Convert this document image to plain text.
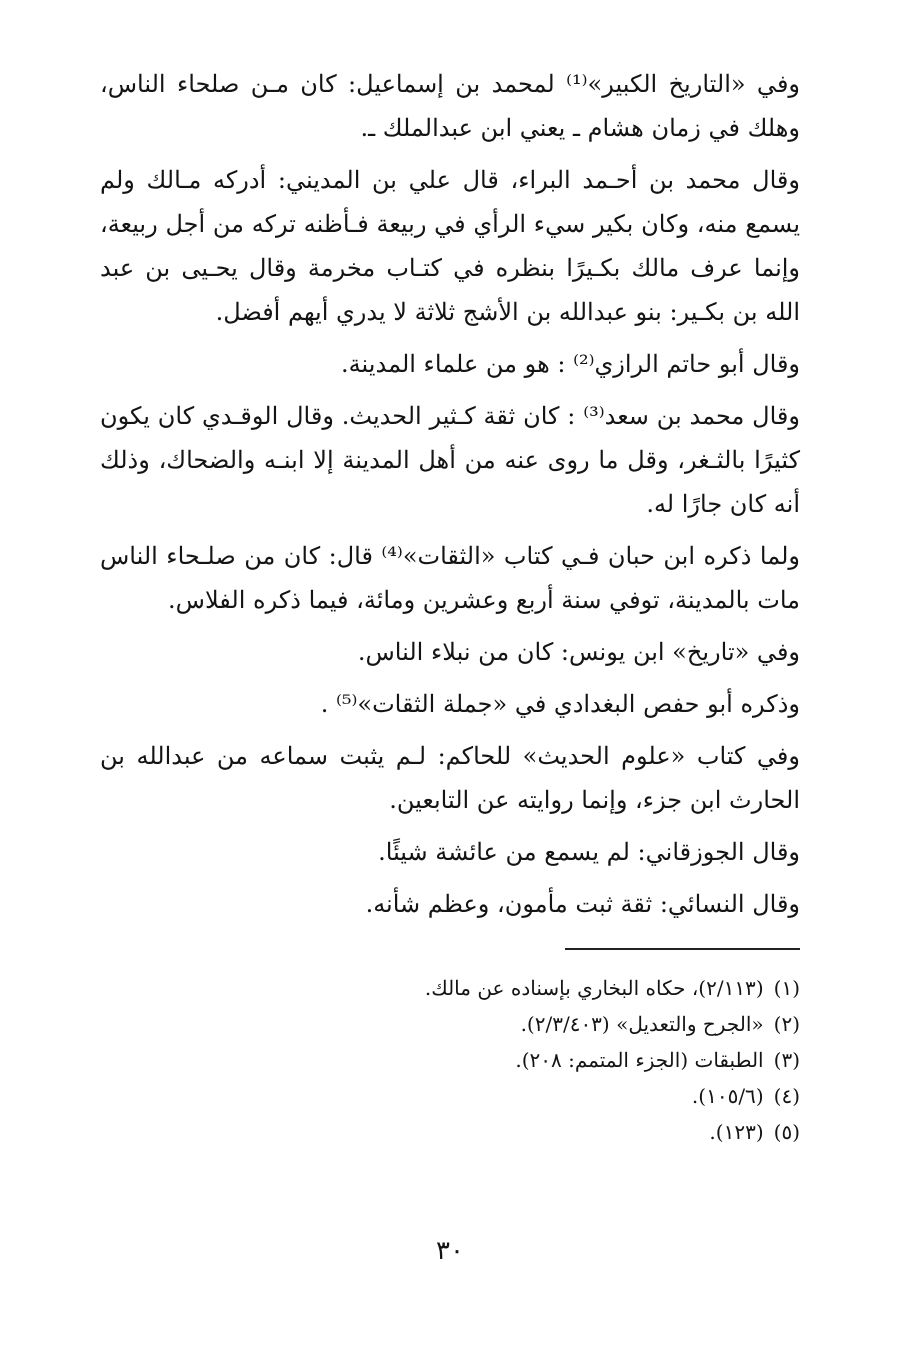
وفي «التاريخ الكبير»⁽¹⁾ لمحمد بن إسماعيل: كان مـن صلحاء الناس، وهلك في زمان هشام ـ يعني ابن عبدالملك ـ.

وقال محمد بن أحـمد البراء، قال علي بن المديني: أدركه مـالك ولم يسمع منه، وكان بكير سيء الرأي في ربيعة فـأظنه تركه من أجل ربيعة، وإنما عرف مالك بكـيرًا بنظره في كتـاب مخرمة وقال يحـيى بن عبد الله بن بكـير: بنو عبدالله بن الأشج ثلاثة لا يدري أيهم أفضل.

وقال أبو حاتم الرازي⁽²⁾ : هو من علماء المدينة.

وقال محمد بن سعد⁽³⁾ : كان ثقة كـثير الحديث. وقال الوقـدي كان يكون كثيرًا بالثـغر، وقل ما روى عنه من أهل المدينة إلا ابنـه والضحاك، وذلك أنه كان جارًا له.

ولما ذكره ابن حبان فـي كتاب «الثقات»⁽⁴⁾ قال: كان من صلـحاء الناس مات بالمدينة، توفي سنة أربع وعشرين ومائة، فيما ذكره الفلاس.

وفي «تاريخ» ابن يونس: كان من نبلاء الناس.

وذكره أبو حفص البغدادي في «جملة الثقات»⁽⁵⁾ .

وفي كتاب «علوم الحديث» للحاكم: لـم يثبت سماعه من عبدالله بن الحارث ابن جزء، وإنما روايته عن التابعين.

وقال الجوزقاني: لم يسمع من عائشة شيئًا.

وقال النسائي: ثقة ثبت مأمون، وعظم شأنه.

(١)(٢/١١٣)، حكاه البخاري بإسناده عن مالك.

(٢)«الجرح والتعديل» (٢/٣/٤٠٣).

(٣)الطبقات (الجزء المتمم: ٢٠٨).

(٤)(١٠٥/٦).

(٥)(١٢٣).

٣٠
